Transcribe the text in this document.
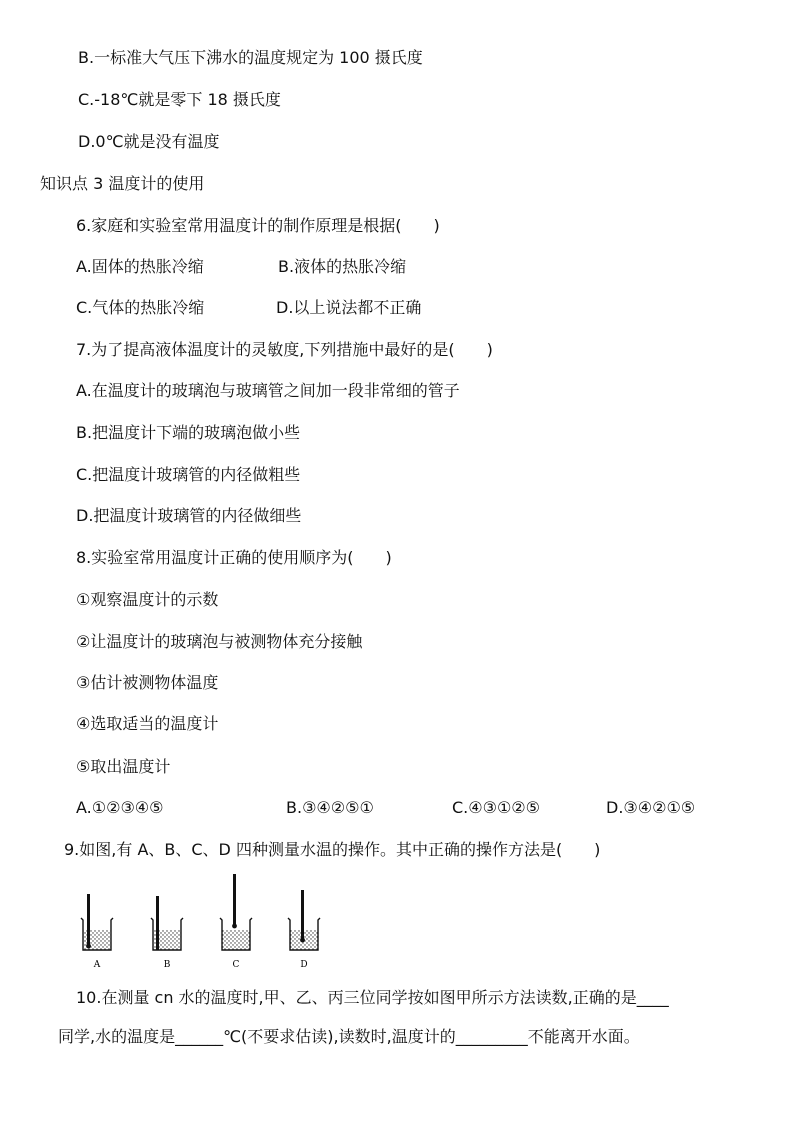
B.一标准大气压下沸水的温度规定为 100 摄氏度
C.-18℃就是零下 18 摄氏度
D.0℃就是没有温度
知识点 3 温度计的使用
6.家庭和实验室常用温度计的制作原理是根据(　　)
A.固体的热胀冷缩	B.液体的热胀冷缩
C.气体的热胀冷缩	D.以上说法都不正确
7.为了提高液体温度计的灵敏度,下列措施中最好的是(　　)
A.在温度计的玻璃泡与玻璃管之间加一段非常细的管子
B.把温度计下端的玻璃泡做小些
C.把温度计玻璃管的内径做粗些
D.把温度计玻璃管的内径做细些
8.实验室常用温度计正确的使用顺序为(　　)
①观察温度计的示数
②让温度计的玻璃泡与被测物体充分接触
③估计被测物体温度
④选取适当的温度计
⑤取出温度计
A.①②③④⑤	B.③④②⑤①	C.④③①②⑤	D.③④②①⑤
9.如图,有 A、B、C、D 四种测量水温的操作。其中正确的操作方法是(　　)
A	B	C	D
10.在测量 cn 水的温度时,甲、乙、丙三位同学按如图甲所示方法读数,正确的是____
同学,水的温度是______℃(不要求估读),读数时,温度计的_________不能离开水面。
